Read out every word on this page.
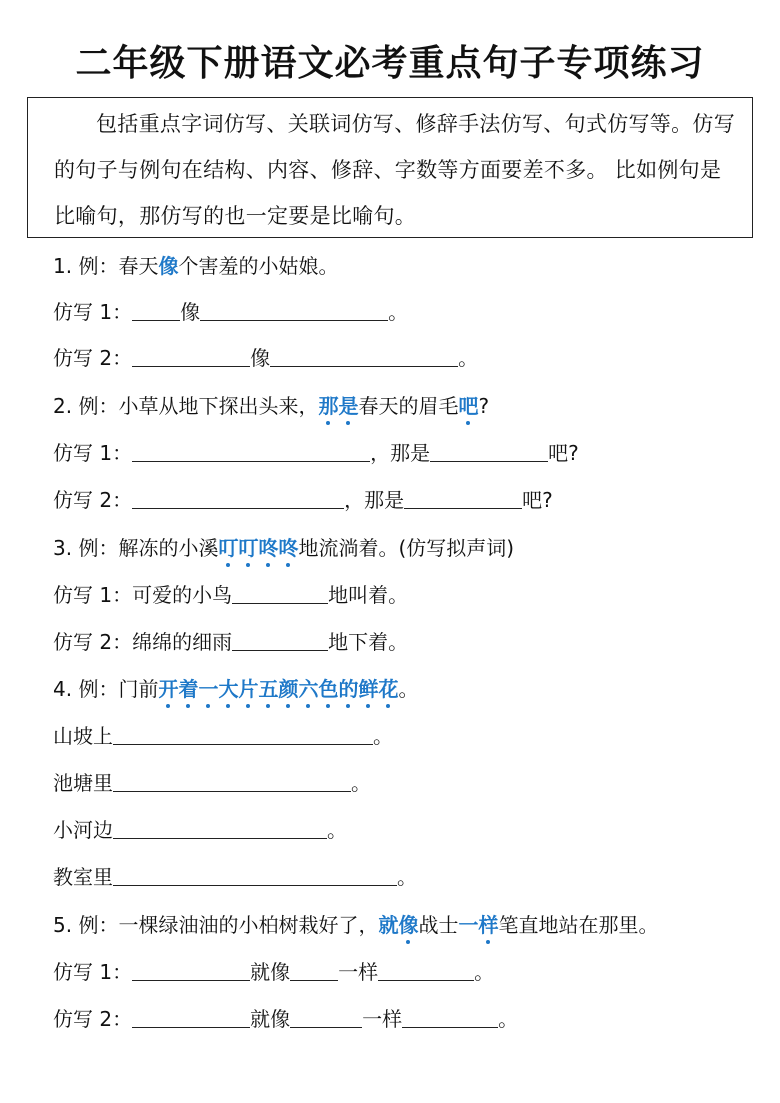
二年级下册语文必考重点句子专项练习
包括重点字词仿写、关联词仿写、修辞手法仿写、句式仿写等。仿写的句子与例句在结构、内容、修辞、字数等方面要差不多。 比如例句是比喻句，那仿写的也一定要是比喻句。
1. 例：春天像个害羞的小姑娘。
仿写 1： 像	。
仿写 2：	像	。
2. 例：小草从地下探出头来，那是春天的眉毛吧?
仿写 1：	，那是	吧?
仿写 2：	，那是	吧?
3. 例：解冻的小溪叮叮咚咚地流淌着。(仿写拟声词)
仿写 1：可爱的小鸟	地叫着。
仿写 2：绵绵的细雨	地下着。
4. 例：门前开着一大片五颜六色的鲜花。
山坡上	。
池塘里	。
小河边	。
教室里	。
5. 例：一棵绿油油的小柏树栽好了，就像战士一样笔直地站在那里。
仿写 1：	就像 一样	。
仿写 2：	就像	一样	。
